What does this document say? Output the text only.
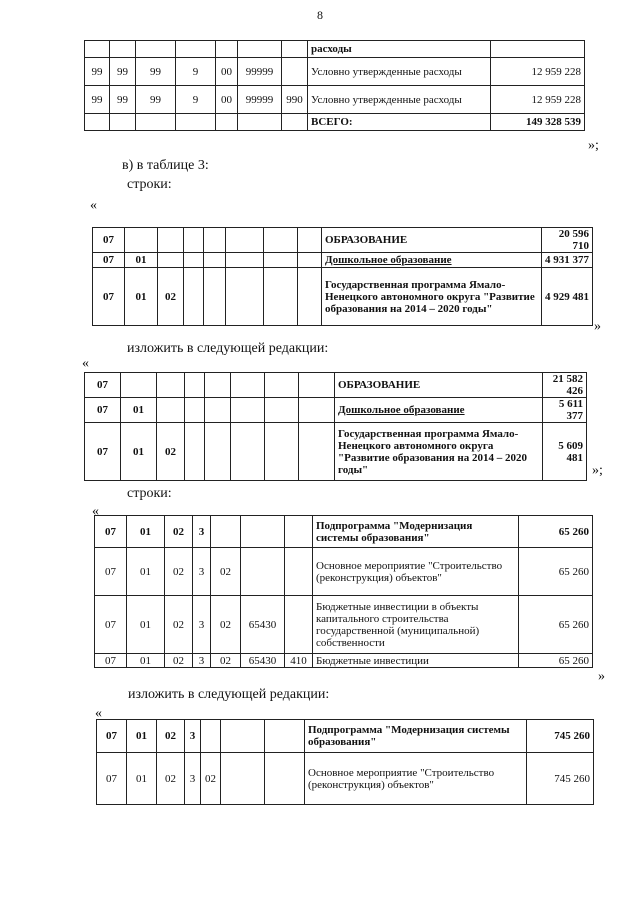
8
							расходы	
99	99	99	9	00	99999		Условно утвержденные расходы	12 959 228
99	99	99	9	00	99999	990	Условно утвержденные расходы	12 959 228
							ВСЕГО:	149 328 539
»;
в) в таблице 3:
строки:
«
07								ОБРАЗОВАНИЕ	20 596 710
07	01							Дошкольное образование	4 931 377
07	01	02						Государственная программа Ямало-Ненецкого автономного округа "Развитие образования на 2014 – 2020 годы"	4 929 481
»
изложить в следующей редакции:
«
07								ОБРАЗОВАНИЕ	21 582 426
07	01							Дошкольное образование	5 611 377
07	01	02						Государственная программа Ямало-Ненецкого автономного округа "Развитие образования на 2014 – 2020 годы"	5 609 481
»;
строки:
«
07	01	02	3				Подпрограмма "Модернизация системы образования"	65 260
07	01	02	3	02			Основное мероприятие "Строительство (реконструкция) объектов"	65 260
07	01	02	3	02	65430		Бюджетные инвестиции в объекты капитального строительства государственной (муниципальной) собственности	65 260
07	01	02	3	02	65430	410	Бюджетные инвестиции	65 260
»
изложить в следующей редакции:
«
07	01	02	3				Подпрограмма "Модернизация системы образования"	745 260
07	01	02	3	02			Основное мероприятие "Строительство (реконструкция) объектов"	745 260
